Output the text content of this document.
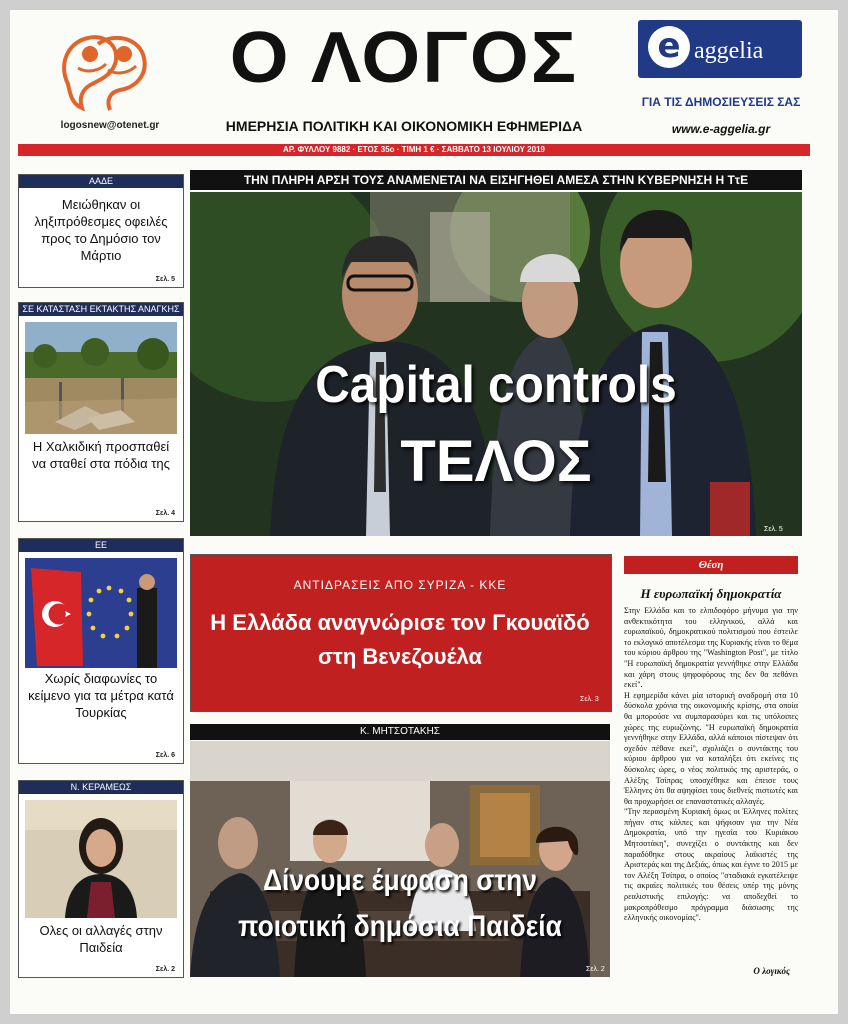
logosnew@otenet.gr
Ο ΛΟΓΟΣ
ΗΜΕΡΗΣΙΑ ΠΟΛΙΤΙΚΗ ΚΑΙ ΟΙΚΟΝΟΜΙΚΗ ΕΦΗΜΕΡΙΔΑ
e aggelia
ΓΙΑ ΤΙΣ ΔΗΜΟΣΙΕΥΣΕΙΣ ΣΑΣ
www.e-aggelia.gr
ΑΡ. ΦΥΛΛΟΥ 9882 · ΕΤΟΣ 35ο · ΤΙΜΗ 1 € · ΣΑΒΒΑΤΟ 13 ΙΟΥΛΙΟΥ 2019
ΑΑΔΕ
Μειώθηκαν οι ληξιπρόθεσμες οφειλές προς το Δημόσιο τον Μάρτιο
Σελ. 5
ΣΕ ΚΑΤΑΣΤΑΣΗ ΕΚΤΑΚΤΗΣ ΑΝΑΓΚΗΣ
Η Χαλκιδική προσπαθεί να σταθεί στα πόδια της
Σελ. 4
ΕΕ
Χωρίς διαφωνίες το κείμενο για τα μέτρα κατά Τουρκίας
Σελ. 6
Ν. ΚΕΡΑΜΕΩΣ
Ολες οι αλλαγές στην Παιδεία
Σελ. 2
ΤΗΝ ΠΛΗΡΗ ΑΡΣΗ ΤΟΥΣ ΑΝΑΜΕΝΕΤΑΙ ΝΑ ΕΙΣΗΓΗΘΕΙ ΑΜΕΣΑ ΣΤΗΝ ΚΥΒΕΡΝΗΣΗ Η ΤτΕ
Capital controls
ΤΕΛΟΣ
Σελ. 5
ΑΝΤΙΔΡΑΣΕΙΣ ΑΠΟ ΣΥΡΙΖΑ - ΚΚΕ
Η Ελλάδα αναγνώρισε τον Γκουαϊδό στη Βενεζουέλα
Σελ. 3
Κ. ΜΗΤΣΟΤΑΚΗΣ
Δίνουμε έμφαση στην ποιοτική δημόσια Παιδεία
Σελ. 2
Θέση
Η ευρωπαϊκή δημοκρατία
Στην Ελλάδα και το ελπιδοφόρο μήνυμα για την ανθεκτικότητα του ελληνικού, αλλά και ευρωπαϊκού, δημοκρατικού πολιτισμού που έστειλε το εκλογικό αποτέλεσμα της Κυριακής είναι το θέμα του κύριου άρθρου της "Washington Post", με τίτλο "Η ευρωπαϊκή δημοκρατία γεννήθηκε στην Ελλάδα και χάρη στους ψηφοφόρους της δεν θα πεθάνει εκεί".
Η εφημερίδα κάνει μία ιστορική αναδρομή στα 10 δύσκολα χρόνια της οικονομικής κρίσης, στα οποία θα μπορούσε να συμπαρασύρει και τις υπόλοιπες χώρες της ευρωζώνης. "Η ευρωπαϊκή δημοκρατία γεννήθηκε στην Ελλάδα, αλλά κάποιοι πίστεψαν ότι σχεδόν πέθανε εκεί", σχολιάζει ο συντάκτης του κύριου άρθρου για να καταλήξει ότι εκείνες τις δύσκολες ώρες, ο νέος πολιτικός της αριστεράς, ο Αλέξης Τσίπρας υποσχέθηκε και έπεισε τους Έλληνες ότι θα αψηφίσει τους διεθνείς πιστωτές και θα προχωρήσει σε επαναστατικές αλλαγές.
"Την περασμένη Κυριακή όμως οι Έλληνες πολίτες πήγαν στις κάλπες και ψήφισαν για την Νέα Δημοκρατία, υπό την ηγεσία του Κυριάκου Μητσοτάκη", συνεχίζει ο συντάκτης και δεν παραδόθηκε στους ακραίους λαϊκιστές της Αριστεράς και της Δεξιάς, όπως και έγινε το 2015 με τον Αλέξη Τσίπρα, ο οποίος "σταδιακά εγκατέλειψε τις ακραίες πολιτικές του θέσεις υπέρ της μόνης ρεαλιστικής επιλογής: να αποδεχθεί το μακροπρόθεσμο πρόγραμμα διάσωσης της ελληνικής οικονομίας".
Ο λογικός
